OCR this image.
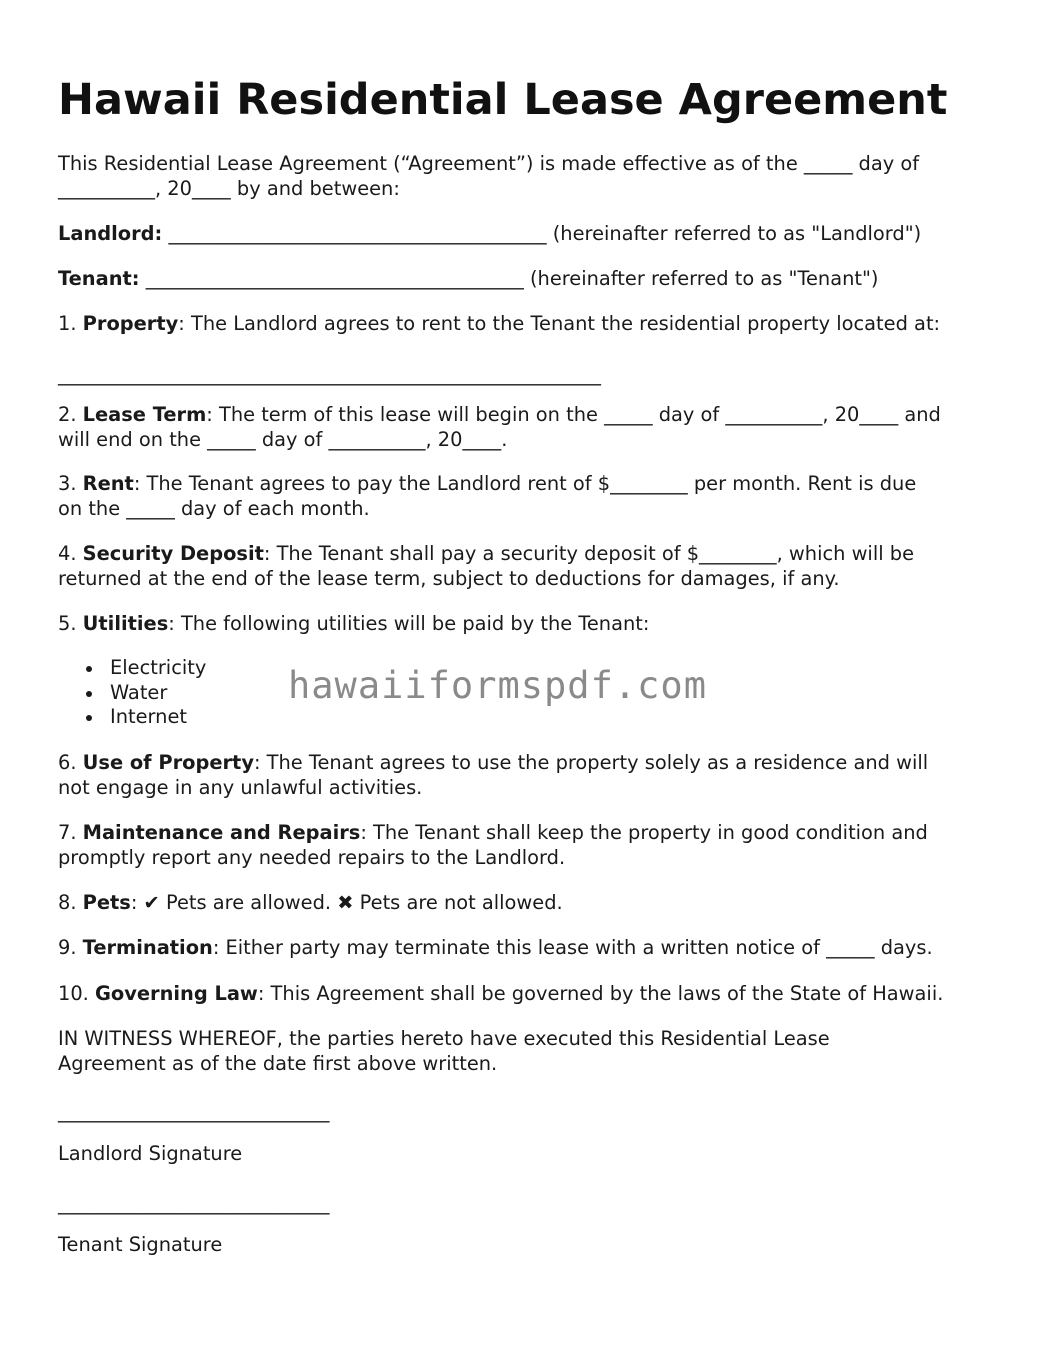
Hawaii Residential Lease Agreement
This Residential Lease Agreement (“Agreement”) is made effective as of the _____ day of
__________, 20____ by and between:
Landlord: _______________________________________ (hereinafter referred to as "Landlord")
Tenant: _______________________________________ (hereinafter referred to as "Tenant")
1. Property: The Landlord agrees to rent to the Tenant the residential property located at:
________________________________________________________
2. Lease Term: The term of this lease will begin on the _____ day of __________, 20____ and
will end on the _____ day of __________, 20____.
3. Rent: The Tenant agrees to pay the Landlord rent of $________ per month. Rent is due
on the _____ day of each month.
4. Security Deposit: The Tenant shall pay a security deposit of $________, which will be
returned at the end of the lease term, subject to deductions for damages, if any.
5. Utilities: The following utilities will be paid by the Tenant:
Electricity
Water
Internet
6. Use of Property: The Tenant agrees to use the property solely as a residence and will
not engage in any unlawful activities.
7. Maintenance and Repairs: The Tenant shall keep the property in good condition and
promptly report any needed repairs to the Landlord.
8. Pets: ✔ Pets are allowed. ✖ Pets are not allowed.
9. Termination: Either party may terminate this lease with a written notice of _____ days.
10. Governing Law: This Agreement shall be governed by the laws of the State of Hawaii.
IN WITNESS WHEREOF, the parties hereto have executed this Residential Lease
Agreement as of the date first above written.
____________________________
Landlord Signature
____________________________
Tenant Signature
hawaiiformspdf.com
